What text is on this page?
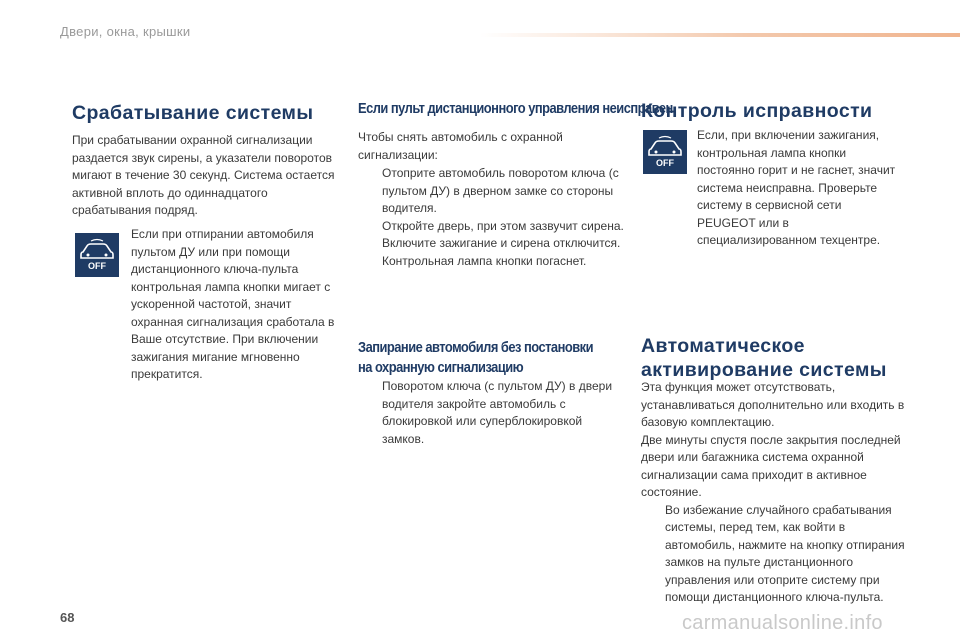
Двери, окна, крышки
Срабатывание системы

При срабатывании охранной сигнализации раздается звук сирены, а указатели поворотов мигают в течение 30 секунд. Система остается активной вплоть до одиннадцатого срабатывания подряд.

OFF

Если при отпирании автомобиля пультом ДУ или при помощи дистанционного ключа-пульта контрольная лампа кнопки мигает с ускоренной частотой, значит охранная сигнализация сработала в Ваше отсутствие. При включении зажигания мигание мгновенно прекратится.

Если пульт дистанционного управления неисправен

Чтобы снять автомобиль с охранной сигнализации:

Отоприте автомобиль поворотом ключа (с пультом ДУ) в дверном замке со стороны водителя.
Откройте дверь, при этом зазвучит сирена.
Включите зажигание и сирена отключится. Контрольная лампа кнопки погаснет.
Запирание автомобиля без постановки
на охранную сигнализацию
Поворотом ключа (с пультом ДУ) в двери водителя закройте автомобиль с блокировкой или суперблокировкой замков.
Контроль исправности
OFF

Если, при включении зажигания, контрольная лампа кнопки постоянно горит и не гаснет, значит система неисправна. Проверьте систему в сервисной сети PEUGEOT или в специализированном техцентре.

Автоматическое
активирование системы

Эта функция может отсутствовать, устанавливаться дополнительно или входить в базовую комплектацию.

Две минуты спустя после закрытия последней двери или багажника система охранной сигнализации сама приходит в активное состояние.

Во избежание случайного срабатывания системы, перед тем, как войти в автомобиль, нажмите на кнопку отпирания замков на пульте дистанционного управления или отоприте систему при помощи дистанционного ключа-пульта.
68	carmanualsonline.info
